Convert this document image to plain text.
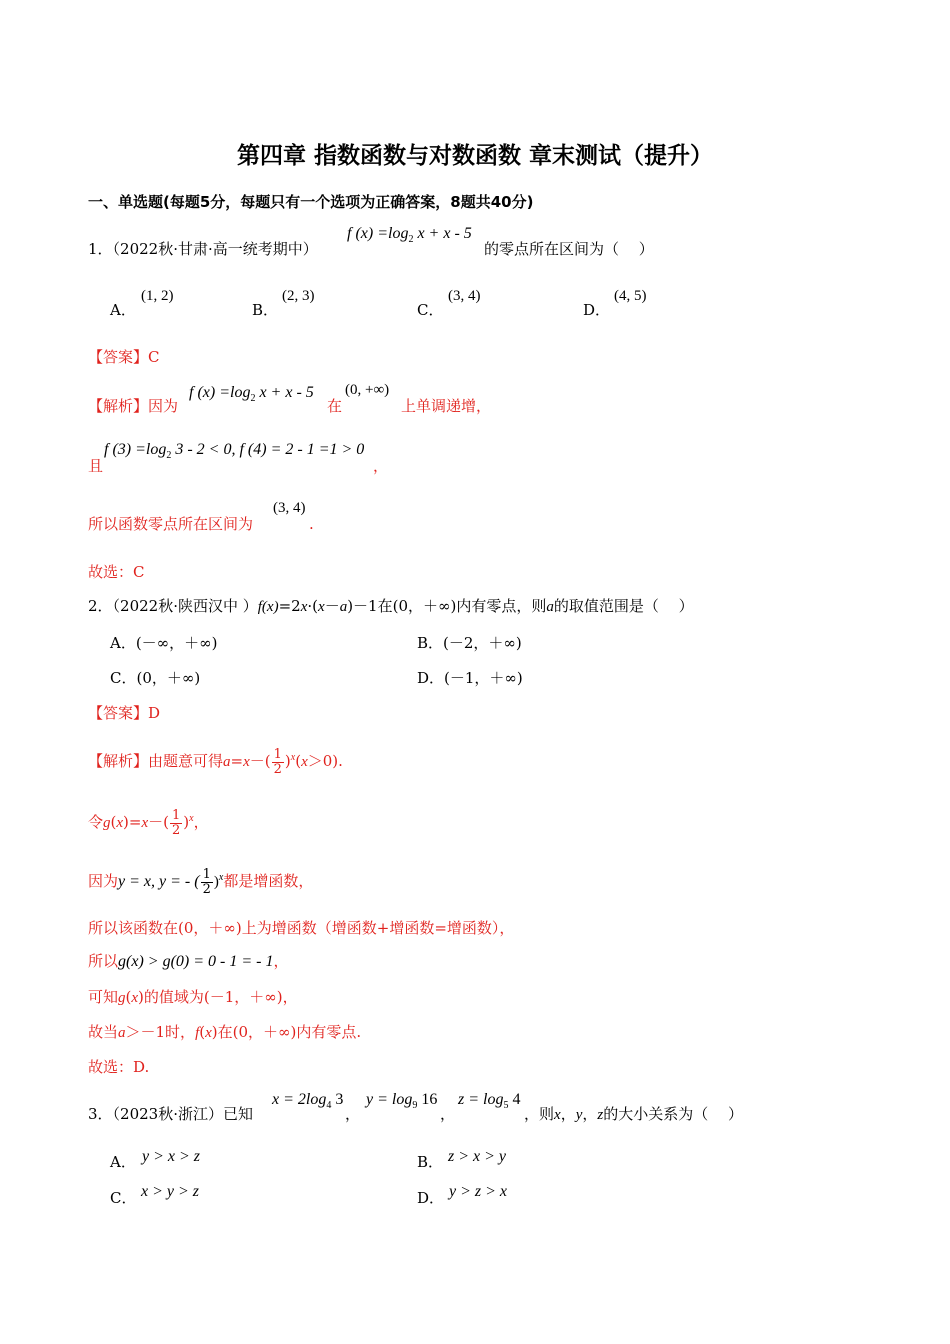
第四章 指数函数与对数函数 章末测试（提升）
一、单选题(每题5分，每题只有一个选项为正确答案，8题共40分)
1．（2022秋·甘肃·高一统考期中）
f $(x) =\log_2$ x + x - 5
的零点所在区间为（　 ）
A．
(1, 2)
B．
(2, 3)
C．
(3, 4)
D．
(4, 5)
【答案】C
【解析】因为
f $(x) =\log_2$ x + x - 5
在
(0, +∞)
上单调递增，
且
f $(3) =\log_2$ 3 - 2 < 0, f (4) = 2 - 1 =1 > 0
，
所以函数零点所在区间为
(3, 4)
.
故选：C
2．（2022秋·陕西汉中 ）f(x)=2x·(x－a)－1在(0，＋∞)内有零点，则a的取值范围是（　 ）
A．(－∞，＋∞)	B．(－2，＋∞)
C．(0，＋∞)	D．(－1，＋∞)
【答案】D
【解析】由题意可得$a=x-( \frac{1}{2} )^x(x>0)$.
令$g(x)=x-( \frac{1}{2} )^x$，
因为y = x, y = - ( $\frac{1}{2} )^x$都是增函数，
所以该函数在(0，＋∞)上为增函数（增函数+增函数=增函数），
所以g(x) > g(0) = 0 - 1 = - 1，
可知g(x)的值域为(－1，＋∞)，
故当a＞－1时，f(x)在(0，＋∞)内有零点.
故选：D.
3．（2023秋·浙江）已知
$x = 2\log_4$ 3
，
$y = \log_9 16$
，
$z = \log_5 4$
，则x，y，z的大小关系为（　 ）
A． y > x > z	B． z > x > y
C． x > y > z	D． y > z > x
